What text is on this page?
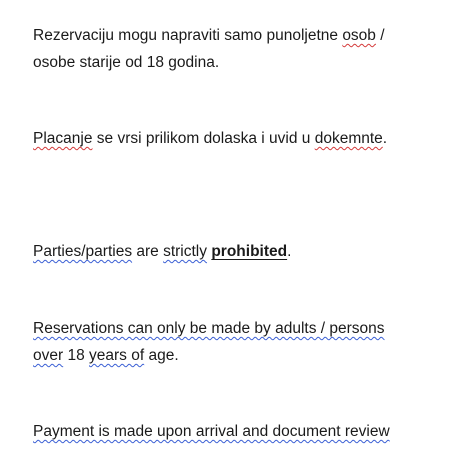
Rezervaciju mogu napraviti samo punoljetne osob /
osobe starije od 18 godina.

Placanje se vrsi prilikom dolaska i uvid u dokemnte.

Parties/parties are strictly prohibited.

Reservations can only be made by adults / persons
over 18 years of age.

Payment is made upon arrival and document review
